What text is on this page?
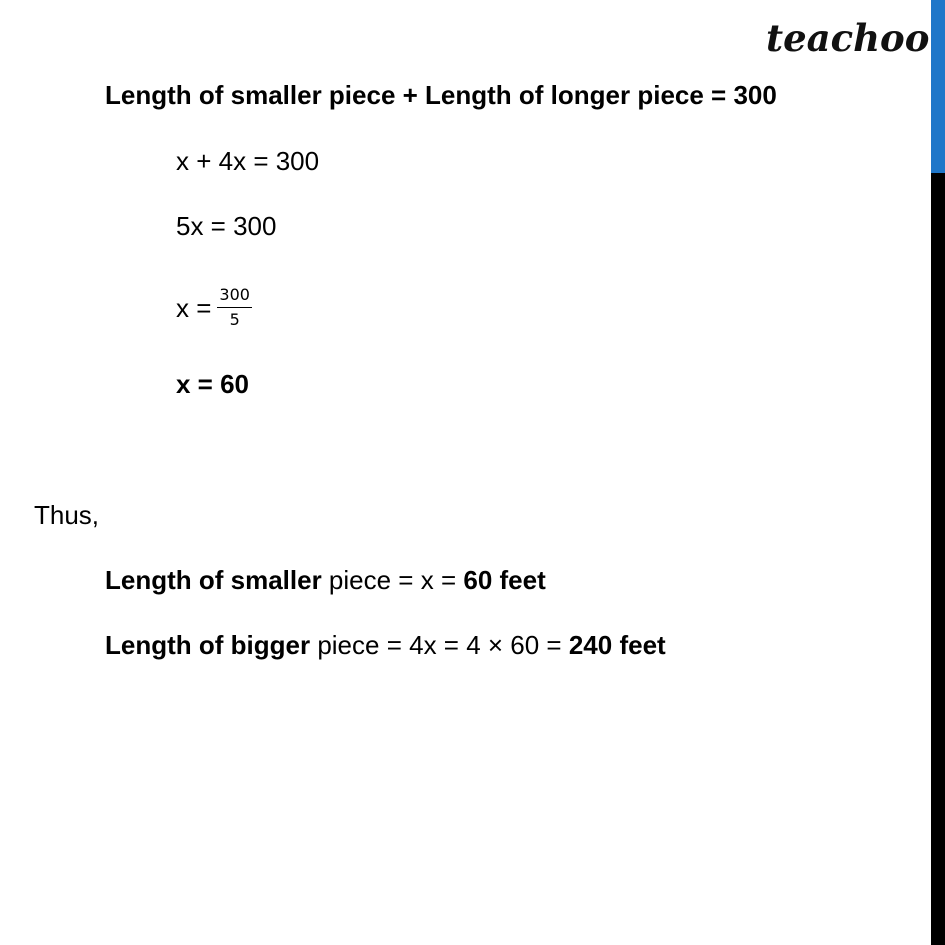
teachoo
Length of smaller piece + Length of longer piece = 300
x + 4x = 300
5x = 300
$x = \frac{300}{5}$
x = 60
Thus,
Length of smaller piece = x = 60 feet
Length of bigger piece = 4x = 4 × 60 = 240 feet
